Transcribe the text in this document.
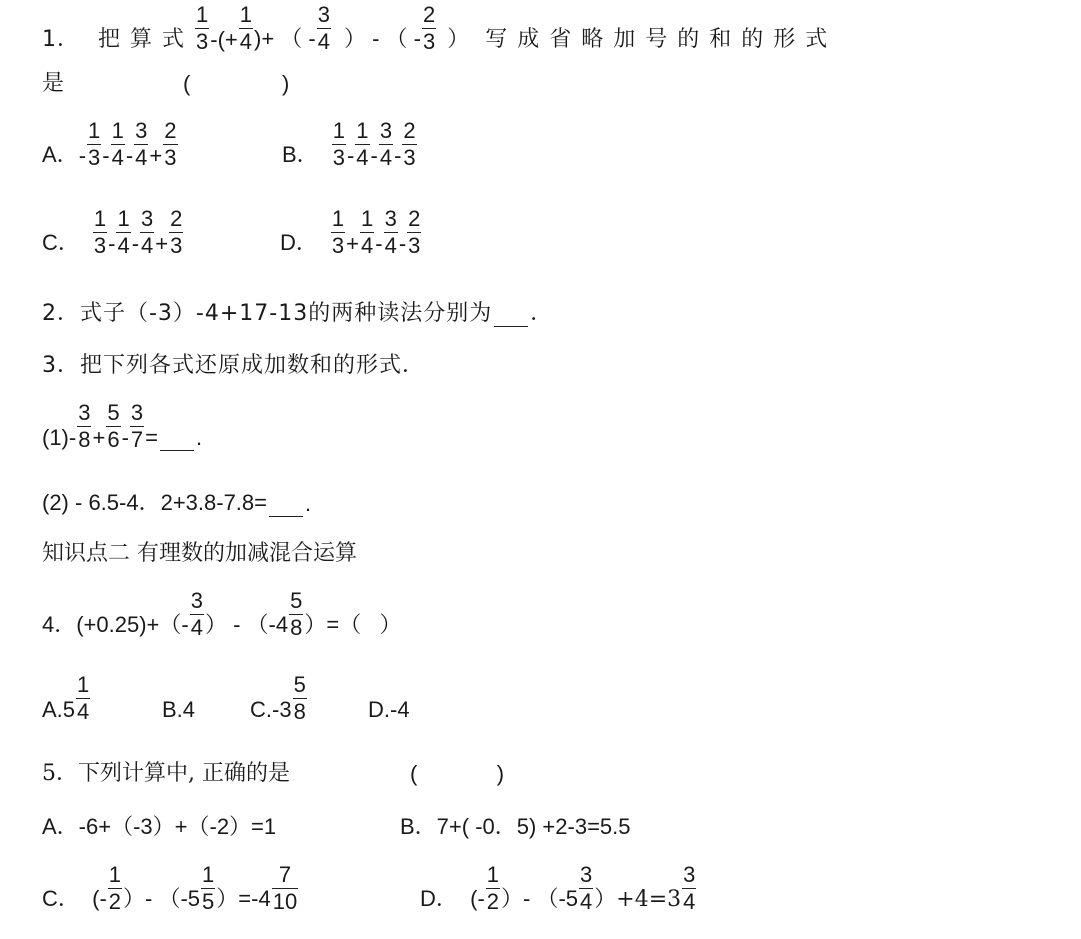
1． 把算式 $\frac{1}{3}$ -(+ $\frac{1}{4}$ )+ （ - $\frac{3}{4}$ ） - （ - $\frac{2}{3}$ ） 写成省略加号的和的形式
是	(               )
A． - $\frac{1}{3} - \frac{1}{4} - \frac{3}{4} + \frac{2}{3}$	B． $\frac{1}{3} - \frac{1}{4} - \frac{3}{4} - \frac{2}{3}$
C． $\frac{1}{3} - \frac{1}{4} - \frac{3}{4} + \frac{2}{3}$	D． $\frac{1}{3} + \frac{1}{4} - \frac{3}{4} - \frac{2}{3}$
2．式子（-3）-4+17-13的两种读法分别为 ．
3．把下列各式还原成加数和的形式．
$(1)- \frac{3}{8} + \frac{5}{6} - \frac{3}{7}$ = .
(2) - 6.5-4．2+3.8-7.8= .
知识点二 有理数的加减混合运算
4．$(+0.25)+(- \frac{3}{4}$ ） - （$-4 \frac{5}{8}$ ）=（   ）
$A.5 \frac{1}{4}$	B.4 $C.-3 \frac{5}{8}$	D.-4
5．下列计算中, 正确的是	(             )
A．-6+（-3）+（-2）=1	B．7+( -0．5) +2-3=5.5
C．  (- $\frac{1}{2}$ ）- $(-5 \frac{1}{5} )=-4 \frac{7}{10}$	D．  (- $\frac{1}{2}$ ）- $(-5 \frac{3}{4} )+4=3 \frac{3}{4}$
